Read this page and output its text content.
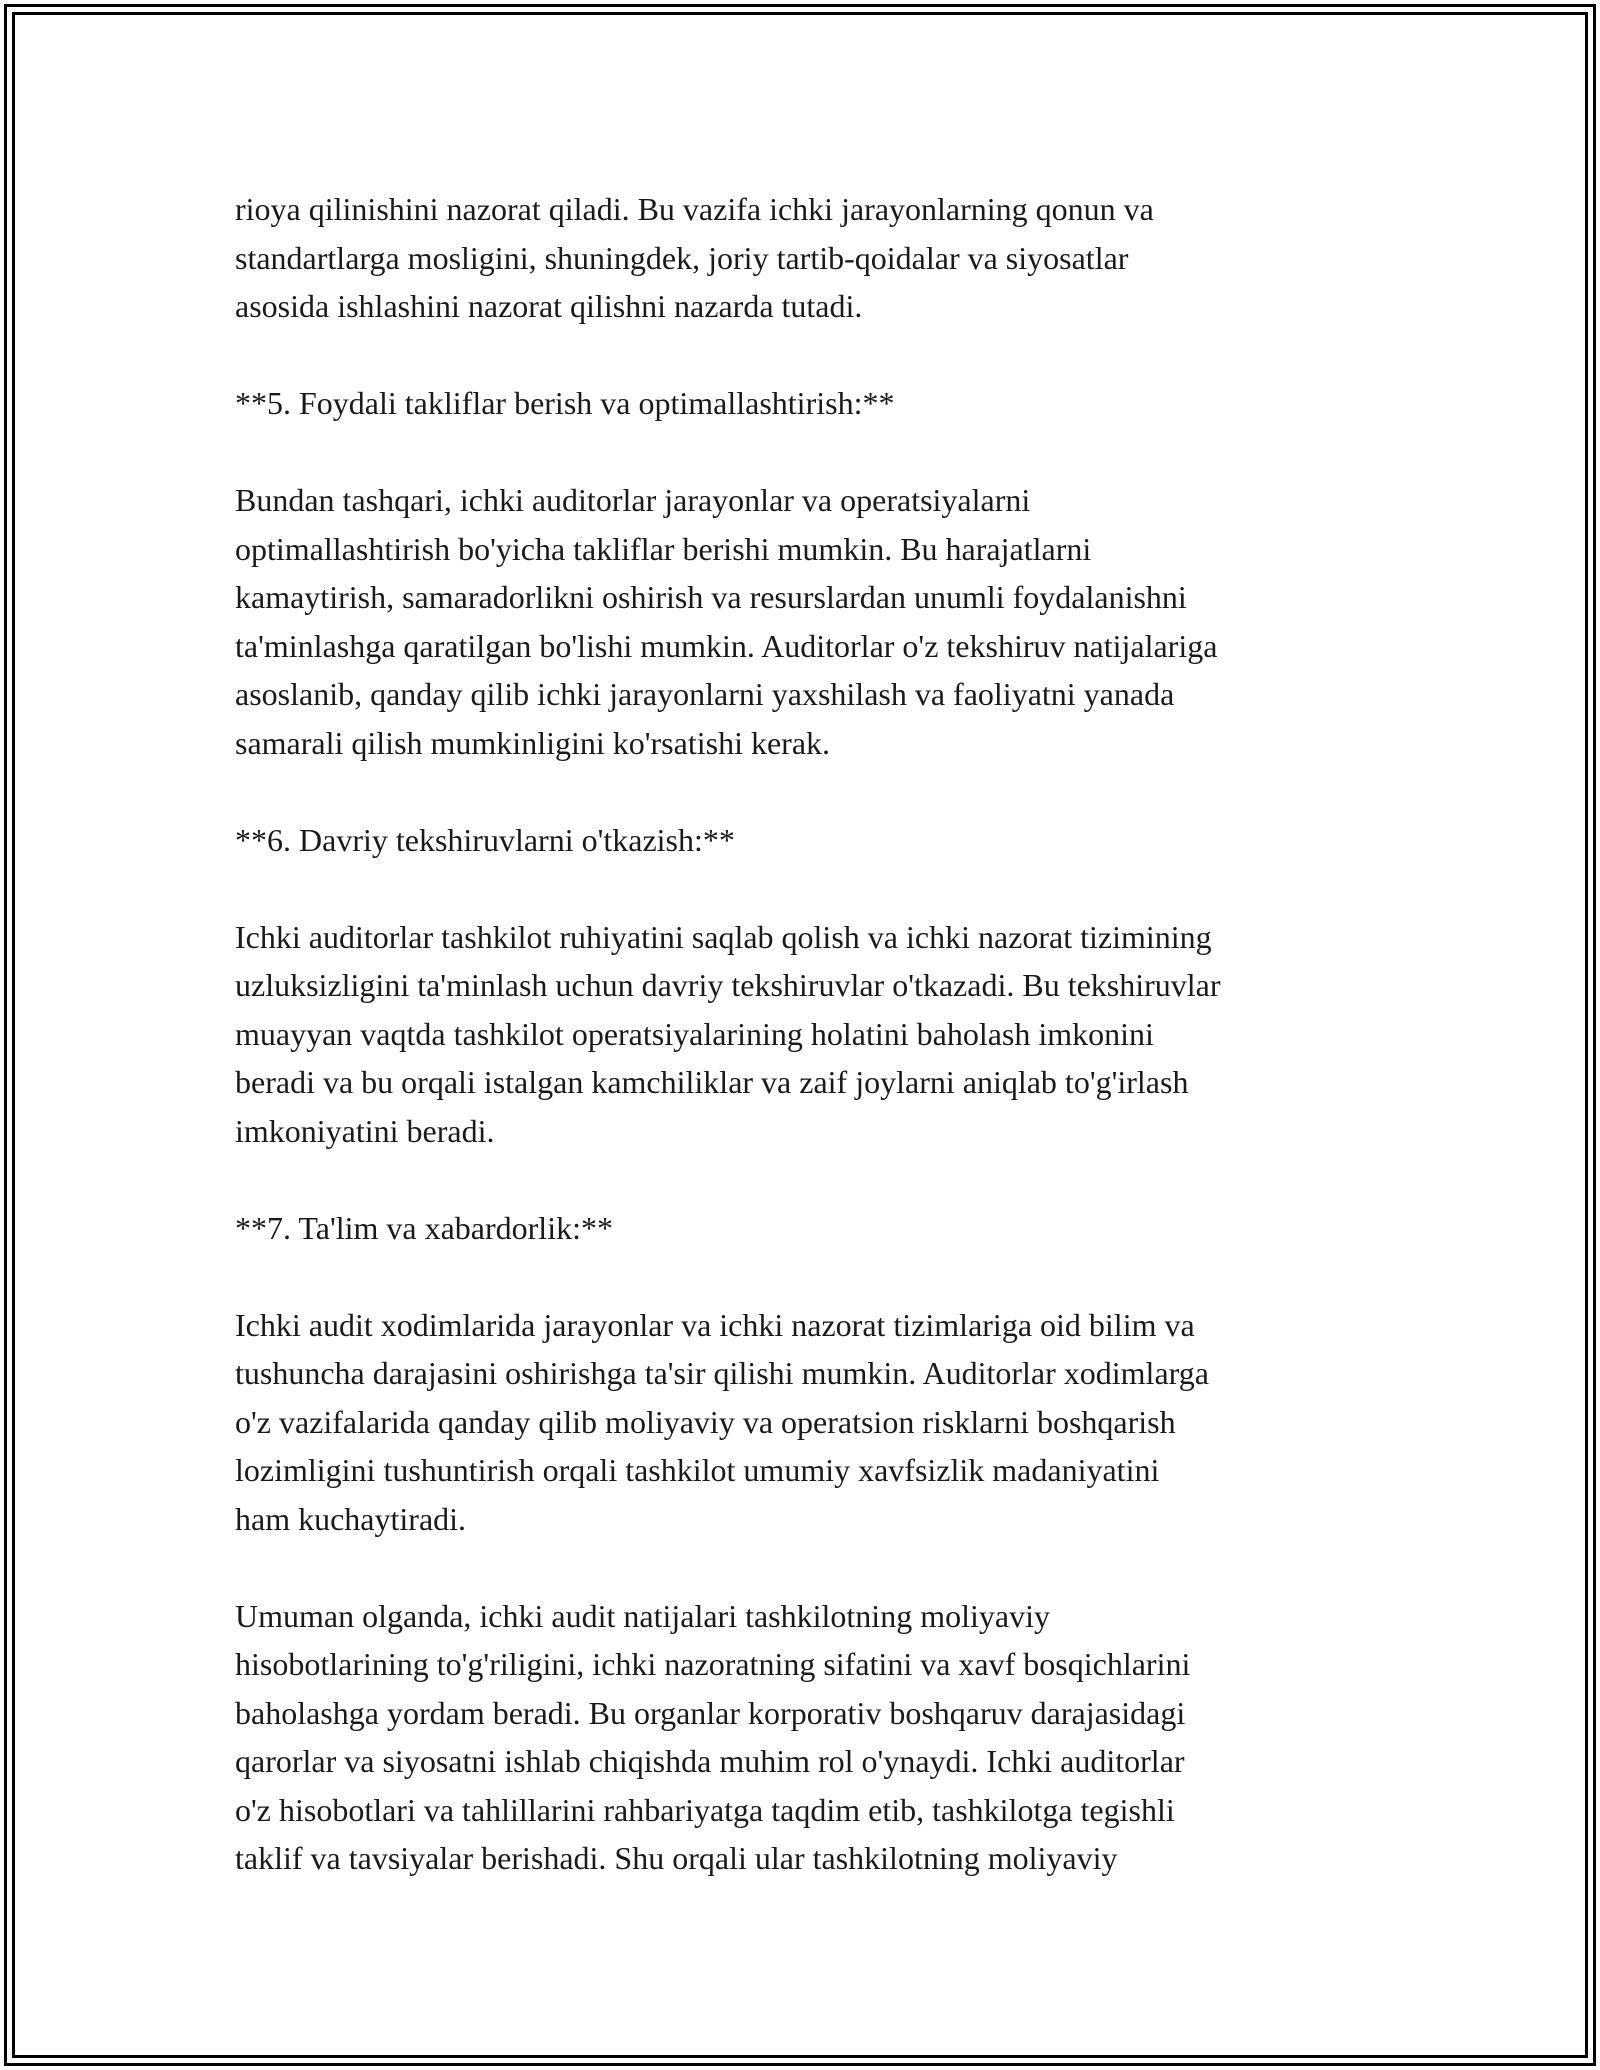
rioya qilinishini nazorat qiladi. Bu vazifa ichki jarayonlarning qonun va
standartlarga mosligini, shuningdek, joriy tartib-qoidalar va siyosatlar
asosida ishlashini nazorat qilishni nazarda tutadi.

**5. Foydali takliflar berish va optimallashtirish:**

Bundan tashqari, ichki auditorlar jarayonlar va operatsiyalarni
optimallashtirish bo'yicha takliflar berishi mumkin. Bu harajatlarni
kamaytirish, samaradorlikni oshirish va resurslardan unumli foydalanishni
ta'minlashga qaratilgan bo'lishi mumkin. Auditorlar o'z tekshiruv natijalariga
asoslanib, qanday qilib ichki jarayonlarni yaxshilash va faoliyatni yanada
samarali qilish mumkinligini ko'rsatishi kerak.

**6. Davriy tekshiruvlarni o'tkazish:**

Ichki auditorlar tashkilot ruhiyatini saqlab qolish va ichki nazorat tizimining
uzluksizligini ta'minlash uchun davriy tekshiruvlar o'tkazadi. Bu tekshiruvlar
muayyan vaqtda tashkilot operatsiyalarining holatini baholash imkonini
beradi va bu orqali istalgan kamchiliklar va zaif joylarni aniqlab to'g'irlash
imkoniyatini beradi.

**7. Ta'lim va xabardorlik:**

Ichki audit xodimlarida jarayonlar va ichki nazorat tizimlariga oid bilim va
tushuncha darajasini oshirishga ta'sir qilishi mumkin. Auditorlar xodimlarga
o'z vazifalarida qanday qilib moliyaviy va operatsion risklarni boshqarish
lozimligini tushuntirish orqali tashkilot umumiy xavfsizlik madaniyatini
ham kuchaytiradi.

Umuman olganda, ichki audit natijalari tashkilotning moliyaviy
hisobotlarining to'g'riligini, ichki nazoratning sifatini va xavf bosqichlarini
baholashga yordam beradi. Bu organlar korporativ boshqaruv darajasidagi
qarorlar va siyosatni ishlab chiqishda muhim rol o'ynaydi. Ichki auditorlar
o'z hisobotlari va tahlillarini rahbariyatga taqdim etib, tashkilotga tegishli
taklif va tavsiyalar berishadi. Shu orqali ular tashkilotning moliyaviy
